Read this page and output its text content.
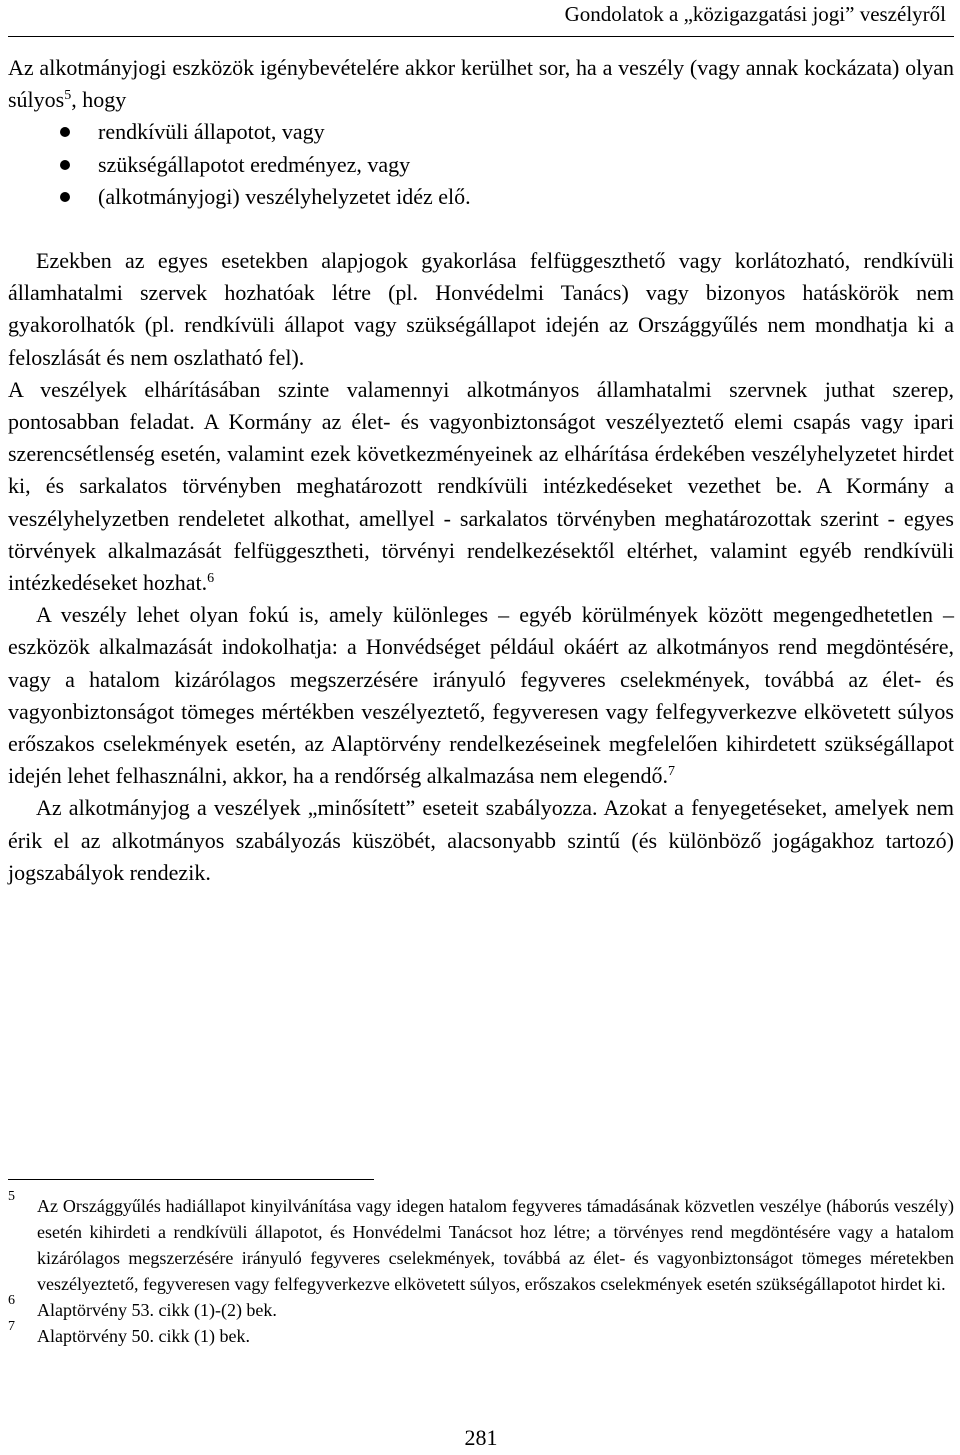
Gondolatok a „közigazgatási jogi” veszélyről

Az alkotmányjogi eszközök igénybevételére akkor kerülhet sor, ha a veszély (vagy annak kockázata) olyan súlyos$^5$, hogy

rendkívüli állapotot, vagy
szükségállapotot eredményez, vagy
(alkotmányjogi) veszélyhelyzetet idéz elő.

Ezekben az egyes esetekben alapjogok gyakorlása felfüggeszthető vagy korlátozható, rendkívüli államhatalmi szervek hozhatóak létre (pl. Honvédelmi Tanács) vagy bizonyos hatáskörök nem gyakorolhatók (pl. rendkívüli állapot vagy szükségállapot idején az Országgyűlés nem mondhatja ki a feloszlását és nem oszlatható fel).

A veszélyek elhárításában szinte valamennyi alkotmányos államhatalmi szervnek juthat szerep, pontosabban feladat. A Kormány az élet- és vagyonbiztonságot veszélyeztető elemi csapás vagy ipari szerencsétlenség esetén, valamint ezek következményeinek az elhárítása érdekében veszélyhelyzetet hirdet ki, és sarkalatos törvényben meghatározott rendkívüli intézkedéseket vezethet be. A Kormány a veszélyhelyzetben rendeletet alkothat, amellyel - sarkalatos törvényben meghatározottak szerint - egyes törvények alkalmazását felfüggesztheti, törvényi rendelkezésektől eltérhet, valamint egyéb rendkívüli intézkedéseket hozhat.$^6$

A veszély lehet olyan fokú is, amely különleges – egyéb körülmények között megengedhetetlen – eszközök alkalmazását indokolhatja: a Honvédséget például okáért az alkotmányos rend megdöntésére, vagy a hatalom kizárólagos megszerzésére irányuló fegyveres cselekmények, továbbá az élet- és vagyonbiztonságot tömeges mértékben veszélyeztető, fegyveresen vagy felfegyverkezve elkövetett súlyos erőszakos cselekmények esetén, az Alaptörvény rendelkezéseinek megfelelően kihirdetett szükségállapot idején lehet felhasználni, akkor, ha a rendőrség alkalmazása nem elegendő.$^7$

Az alkotmányjog a veszélyek „minősített” eseteit szabályozza. Azokat a fenyegetéseket, amelyek nem érik el az alkotmányos szabályozás küszöbét, alacsonyabb szintű (és különböző jogágakhoz tartozó) jogszabályok rendezik.

5 Az Országgyűlés hadiállapot kinyilvánítása vagy idegen hatalom fegyveres támadásának közvetlen veszélye (háborús veszély) esetén kihirdeti a rendkívüli állapotot, és Honvédelmi Tanácsot hoz létre; a törvényes rend megdöntésére vagy a hatalom kizárólagos megszerzésére irányuló fegyveres cselekmények, továbbá az élet- és vagyonbiztonságot tömeges méretekben veszélyeztető, fegyveresen vagy felfegyverkezve elkövetett súlyos, erőszakos cselekmények esetén szükségállapotot hirdet ki.
6 Alaptörvény 53. cikk (1)-(2) bek.
7 Alaptörvény 50. cikk (1) bek.
281
